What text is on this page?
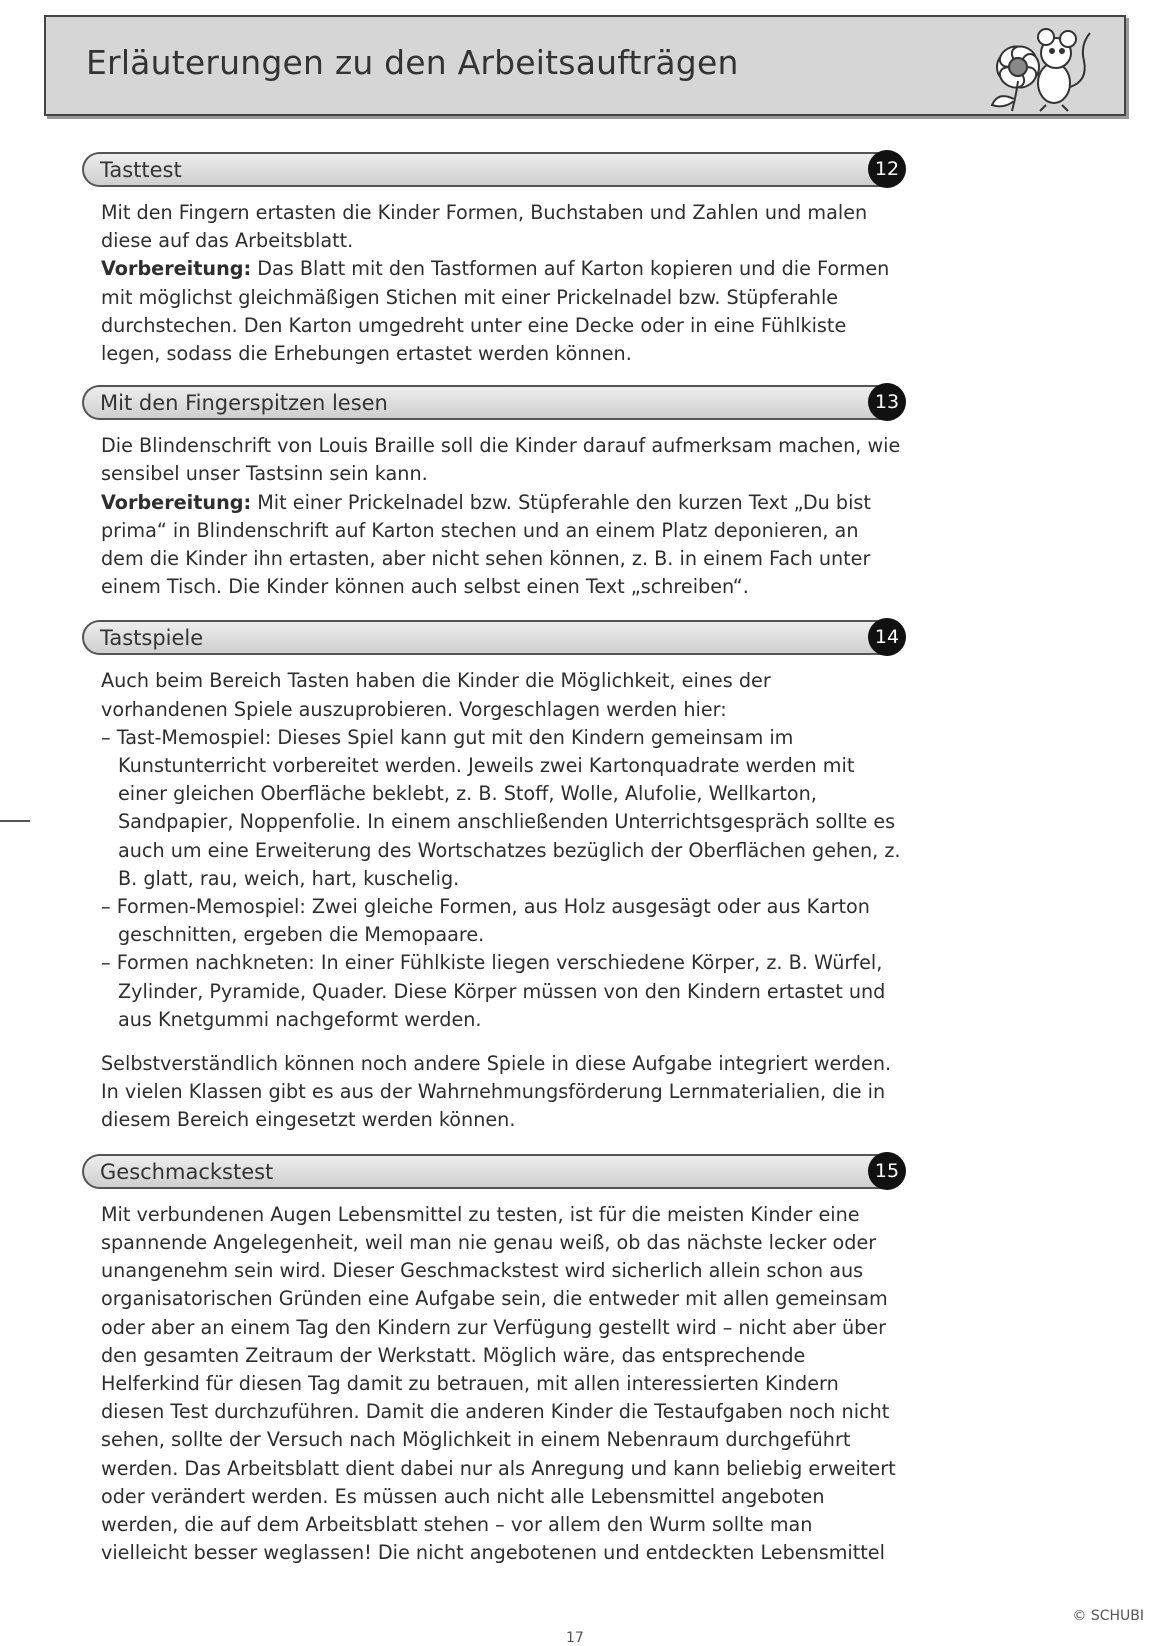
Erläuterungen zu den Arbeitsaufträgen
Tasttest	12

Mit den Fingern ertasten die Kinder Formen, Buchstaben und Zahlen und malen diese auf das Arbeitsblatt.

Vorbereitung: Das Blatt mit den Tastformen auf Karton kopieren und die Formen mit möglichst gleichmäßigen Stichen mit einer Prickelnadel bzw. Stüpferahle durchstechen. Den Karton umgedreht unter eine Decke oder in eine Fühlkiste legen, sodass die Erhebungen ertastet werden können.

Mit den Fingerspitzen lesen	13

Die Blindenschrift von Louis Braille soll die Kinder darauf aufmerksam machen, wie sensibel unser Tastsinn sein kann.

Vorbereitung: Mit einer Prickelnadel bzw. Stüpferahle den kurzen Text „Du bist prima“ in Blindenschrift auf Karton stechen und an einem Platz deponieren, an dem die Kinder ihn ertasten, aber nicht sehen können, z. B. in einem Fach unter einem Tisch. Die Kinder können auch selbst einen Text „schreiben“.

Tastspiele	14

Auch beim Bereich Tasten haben die Kinder die Möglichkeit, eines der vorhandenen Spiele auszuprobieren. Vorgeschlagen werden hier:

– Tast-Memospiel: Dieses Spiel kann gut mit den Kindern gemeinsam im Kunstunterricht vorbereitet werden. Jeweils zwei Kartonquadrate werden mit einer gleichen Oberfläche beklebt, z. B. Stoff, Wolle, Alufolie, Wellkarton, Sandpapier, Noppenfolie. In einem anschließenden Unterrichtsgespräch sollte es auch um eine Erweiterung des Wortschatzes bezüglich der Oberflächen gehen, z. B. glatt, rau, weich, hart, kuschelig.
– Formen-Memospiel: Zwei gleiche Formen, aus Holz ausgesägt oder aus Karton geschnitten, ergeben die Memopaare.
– Formen nachkneten: In einer Fühlkiste liegen verschiedene Körper, z. B. Würfel, Zylinder, Pyramide, Quader. Diese Körper müssen von den Kindern ertastet und aus Knetgummi nachgeformt werden.

Selbstverständlich können noch andere Spiele in diese Aufgabe integriert werden. In vielen Klassen gibt es aus der Wahrnehmungsförderung Lernmaterialien, die in diesem Bereich eingesetzt werden können.

Geschmackstest	15

Mit verbundenen Augen Lebensmittel zu testen, ist für die meisten Kinder eine spannende Angelegenheit, weil man nie genau weiß, ob das nächste lecker oder unangenehm sein wird. Dieser Geschmackstest wird sicherlich allein schon aus organisatorischen Gründen eine Aufgabe sein, die entweder mit allen gemeinsam oder aber an einem Tag den Kindern zur Verfügung gestellt wird – nicht aber über den gesamten Zeitraum der Werkstatt. Möglich wäre, das entsprechende Helferkind für diesen Tag damit zu betrauen, mit allen interessierten Kindern diesen Test durchzuführen. Damit die anderen Kinder die Testaufgaben noch nicht sehen, sollte der Versuch nach Möglichkeit in einem Nebenraum durchgeführt werden. Das Arbeitsblatt dient dabei nur als Anregung und kann beliebig erweitert oder verändert werden. Es müssen auch nicht alle Lebensmittel angeboten werden, die auf dem Arbeitsblatt stehen – vor allem den Wurm sollte man vielleicht besser weglassen! Die nicht angebotenen und entdeckten Lebensmittel

© SCHUBI
17
